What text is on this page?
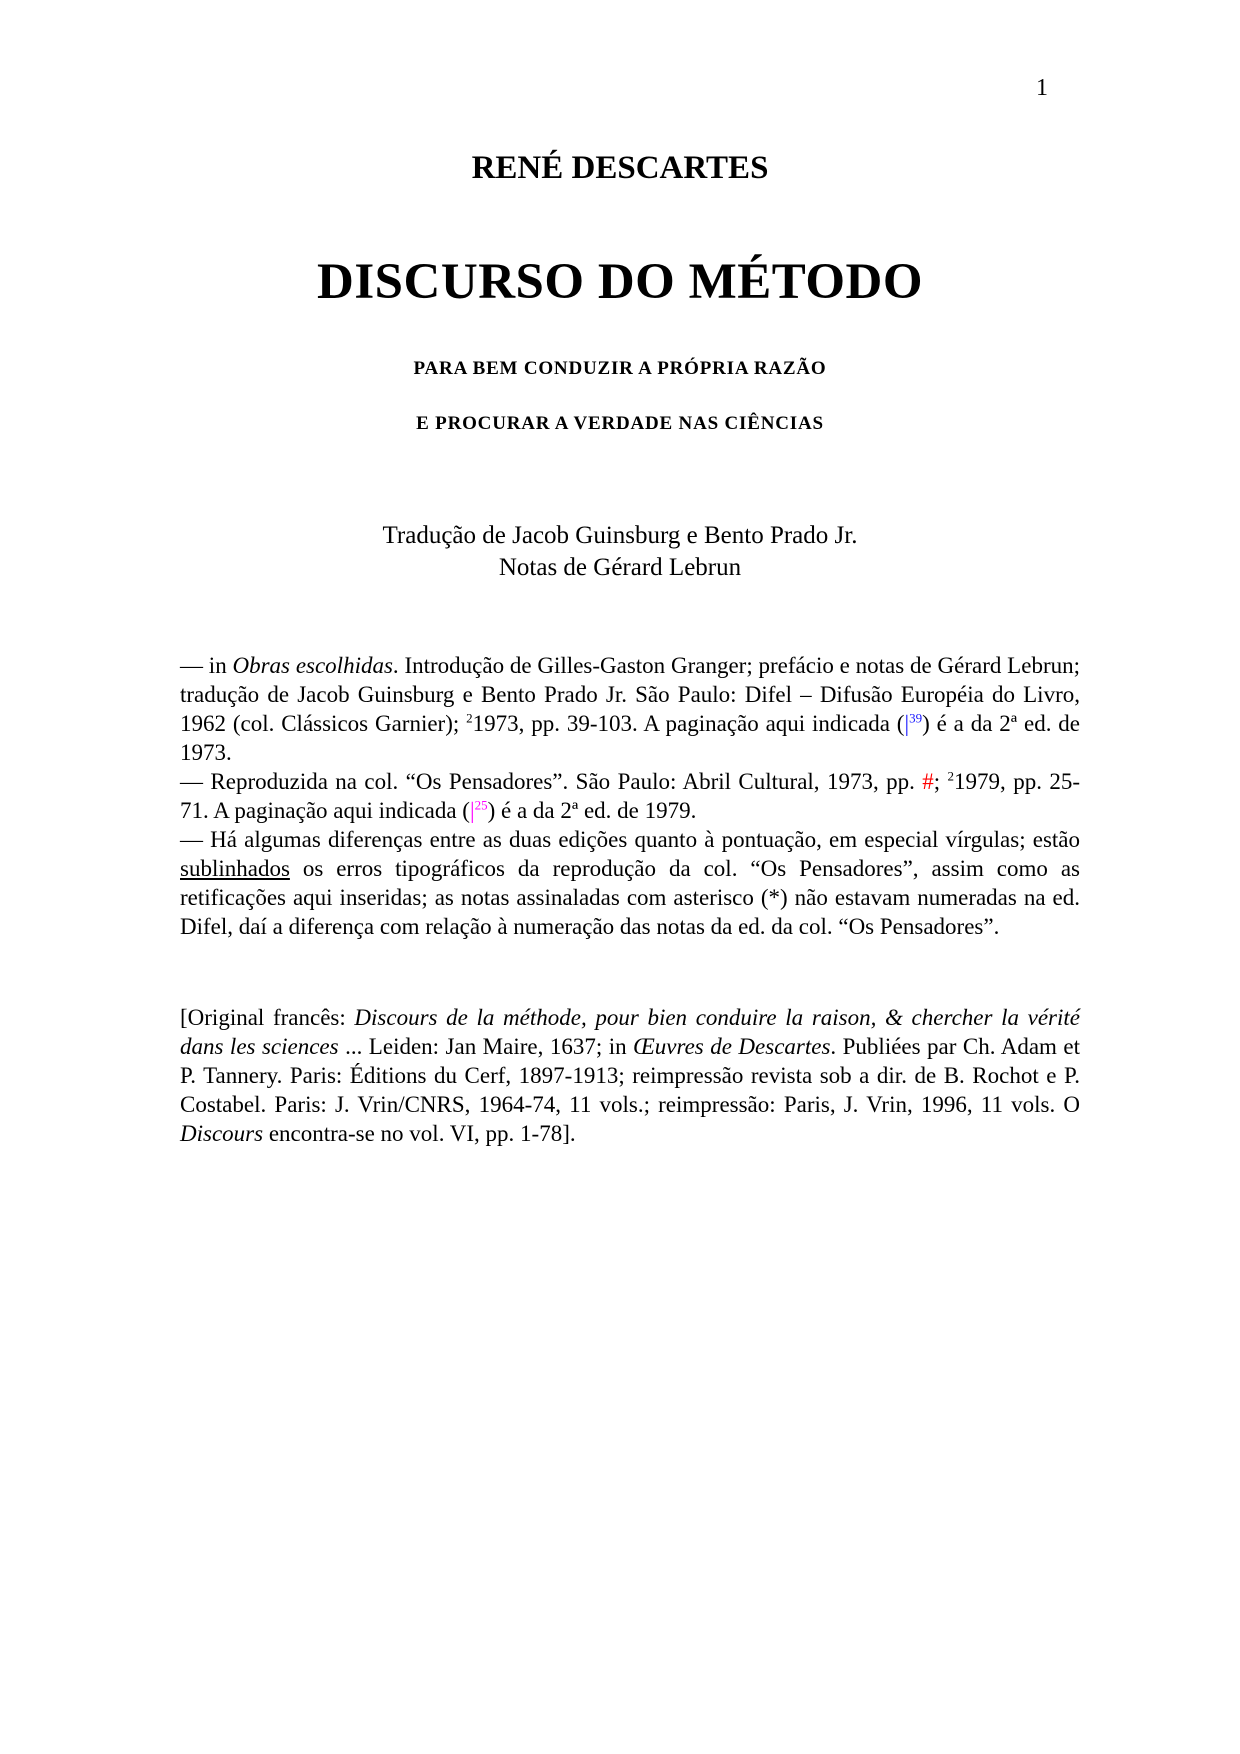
1
RENÉ DESCARTES
DISCURSO DO MÉTODO
PARA BEM CONDUZIR A PRÓPRIA RAZÃO
E PROCURAR A VERDADE NAS CIÊNCIAS
Tradução de Jacob Guinsburg e Bento Prado Jr.
Notas de Gérard Lebrun

— in Obras escolhidas. Introdução de Gilles-Gaston Granger; prefácio e notas de Gérard Lebrun; tradução de Jacob Guinsburg e Bento Prado Jr. São Paulo: Difel – Difusão Européia do Livro, 1962 (col. Clássicos Garnier); $^2$1973, pp. 39-103. A paginação aqui indicada $(|^{39})$ é a da 2ª ed. de 1973.

— Reproduzida na col. “Os Pensadores”. São Paulo: Abril Cultural, 1973, pp. #; $^2$1979, pp. 25-71. A paginação aqui indicada $(|^{25})$ é a da 2ª ed. de 1979.

— Há algumas diferenças entre as duas edições quanto à pontuação, em especial vírgulas; estão sublinhados os erros tipográficos da reprodução da col. “Os Pensadores”, assim como as retificações aqui inseridas; as notas assinaladas com asterisco (*) não estavam numeradas na ed. Difel, daí a diferença com relação à numeração das notas da ed. da col. “Os Pensadores”.

[Original francês: Discours de la méthode, pour bien conduire la raison, & chercher la vérité dans les sciences ... Leiden: Jan Maire, 1637; in Œuvres de Descartes. Publiées par Ch. Adam et P. Tannery. Paris: Éditions du Cerf, 1897-1913; reimpressão revista sob a dir. de B. Rochot e P. Costabel. Paris: J. Vrin/CNRS, 1964-74, 11 vols.; reimpressão: Paris, J. Vrin, 1996, 11 vols. O Discours encontra-se no vol. VI, pp. 1-78].
